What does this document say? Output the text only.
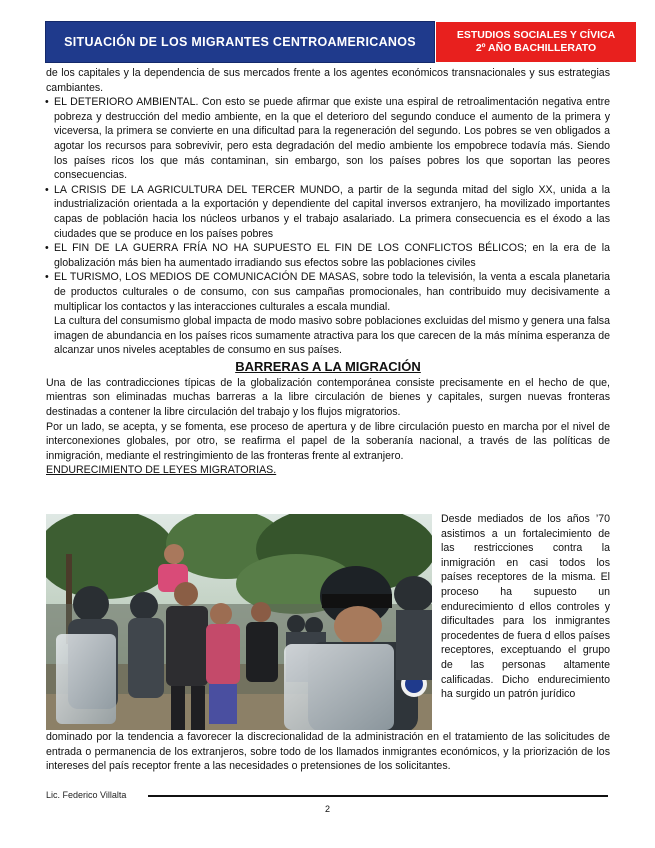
SITUACIÓN DE LOS MIGRANTES CENTROAMERICANOS	ESTUDIOS SOCIALES Y CÍVICA
2º AÑO BACHILLERATO

de los capitales y la dependencia de sus mercados frente a los agentes económicos transnacionales y sus estrategias cambiantes.

• EL DETERIORO AMBIENTAL. Con esto se puede afirmar que existe una espiral de retroalimentación negativa entre pobreza y destrucción del medio ambiente, en la que el deterioro del segundo conduce el aumento de la primera y viceversa, la primera se convierte en una dificultad para la regeneración del segundo. Los pobres se ven obligados a agotar los recursos para sobrevivir, pero esta degradación del medio ambiente los empobrece todavía más. Siendo los países ricos los que más contaminan, sin embargo, son los países pobres los que soportan las peores consecuencias.

• LA CRISIS DE LA AGRICULTURA DEL TERCER MUNDO, a partir de la segunda mitad del siglo XX, unida a la industrialización orientada a la exportación y dependiente del capital inversos extranjero, ha movilizado importantes capas de población hacia los núcleos urbanos y el trabajo asalariado. La primera consecuencia es el éxodo a las ciudades que se produce en los países pobres

• EL FIN DE LA GUERRA FRÍA NO HA SUPUESTO EL FIN DE LOS CONFLICTOS BÉLICOS; en la era de la globalización más bien ha aumentado irradiando sus efectos sobre las poblaciones civiles

• EL TURISMO, LOS MEDIOS DE COMUNICACIÓN DE MASAS, sobre todo la televisión, la venta a escala planetaria de productos culturales o de consumo, con sus campañas promocionales, han contribuido muy decisivamente a multiplicar los contactos y las interacciones culturales a escala mundial.

La cultura del consumismo global impacta de modo masivo sobre poblaciones excluidas del mismo y genera una falsa imagen de abundancia en los países ricos sumamente atractiva para los que carecen de la más mínima esperanza de alcanzar unos niveles aceptables de consumo en sus países.

BARRERAS A LA MIGRACIÓN

Una de las contradicciones típicas de la globalización contemporánea consiste precisamente en el hecho de que, mientras son eliminadas muchas barreras a la libre circulación de bienes y capitales, surgen nuevas fronteras destinadas a contener la libre circulación del trabajo y los flujos migratorios.

Por un lado, se acepta, y se fomenta, ese proceso de apertura y de libre circulación puesto en marcha por el nivel de interconexiones globales, por otro, se reafirma el papel de la soberanía nacional, a través de las políticas de inmigración, mediante el restringimiento de las fronteras frente al extranjero.

ENDURECIMIENTO DE LEYES MIGRATORIAS.

Desde mediados de los años ’70 asistimos a un fortalecimiento de las restricciones contra la inmigración en casi todos los países receptores de la misma. El proceso ha supuesto un endurecimiento d ellos controles y dificultades para los inmigrantes procedentes de fuera d ellos países receptores, exceptuando el grupo de las personas altamente calificadas. Dicho endurecimiento ha surgido un patrón jurídico

dominado por la tendencia a favorecer la discrecionalidad de la administración en el tratamiento de las solicitudes de entrada o permanencia de los extranjeros, sobre todo de los llamados inmigrantes económicos, y la priorización de los intereses del país receptor frente a las necesidades o pretensiones de los solicitantes.

Lic. Federico Villalta
2
